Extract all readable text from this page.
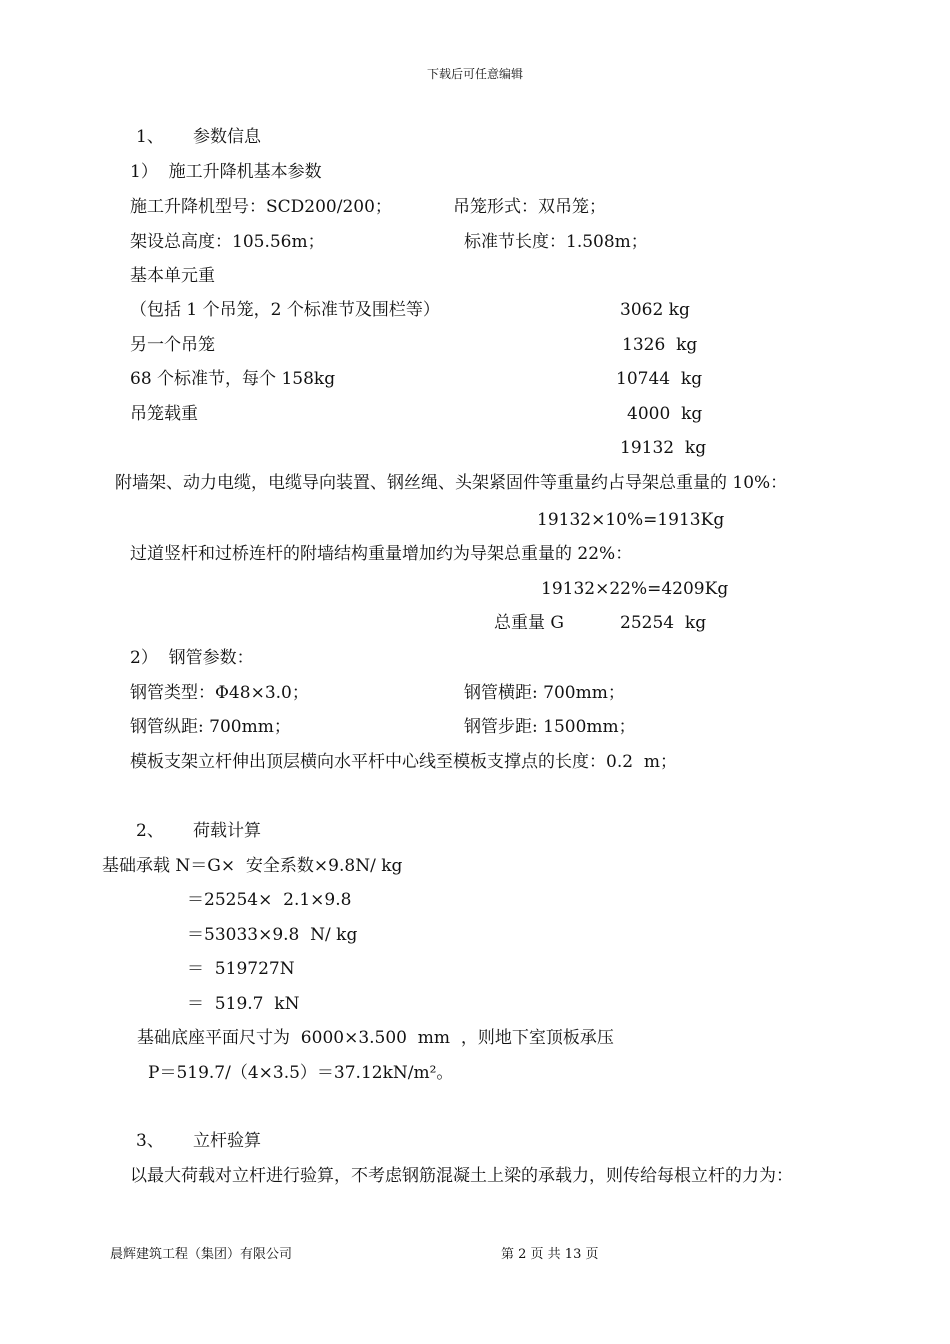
下载后可任意编辑
1、 参数信息
1）  施工升降机基本参数
施工升降机型号：SCD200/200；	吊笼形式：双吊笼；
架设总高度：105.56m；	标准节长度：1.508m；
基本单元重
（包括 1 个吊笼，2 个标准节及围栏等）	3062 kg
另一个吊笼	1326  kg
68 个标准节，每个 158kg	10744  kg
吊笼载重	4000  kg
19132  kg
附墙架、动力电缆，电缆导向装置、钢丝绳、头架紧固件等重量约占导架总重量的 10%：
19132×10%=1913Kg
过道竖杆和过桥连杆的附墙结构重量增加约为导架总重量的 22%：
19132×22%=4209Kg
总重量 G	25254  kg
2）  钢管参数：
钢管类型：Φ48×3.0；	钢管横距: 700mm；
钢管纵距: 700mm；	钢管步距: 1500mm；
模板支架立杆伸出顶层横向水平杆中心线至模板支撑点的长度：0.2  m；
2、 荷载计算
基础承载 N＝G×  安全系数×9.8N/ kg
＝25254×  2.1×9.8
＝53033×9.8  N/ kg
＝  519727N
＝  519.7  kN
基础底座平面尺寸为  6000×3.500  mm  ，则地下室顶板承压
P＝519.7/（4×3.5）＝37.12kN/m²。
3、 立杆验算
以最大荷载对立杆进行验算，不考虑钢筋混凝土上梁的承载力，则传给每根立杆的力为：
晨辉建筑工程（集团）有限公司	第 2 页 共 13 页
